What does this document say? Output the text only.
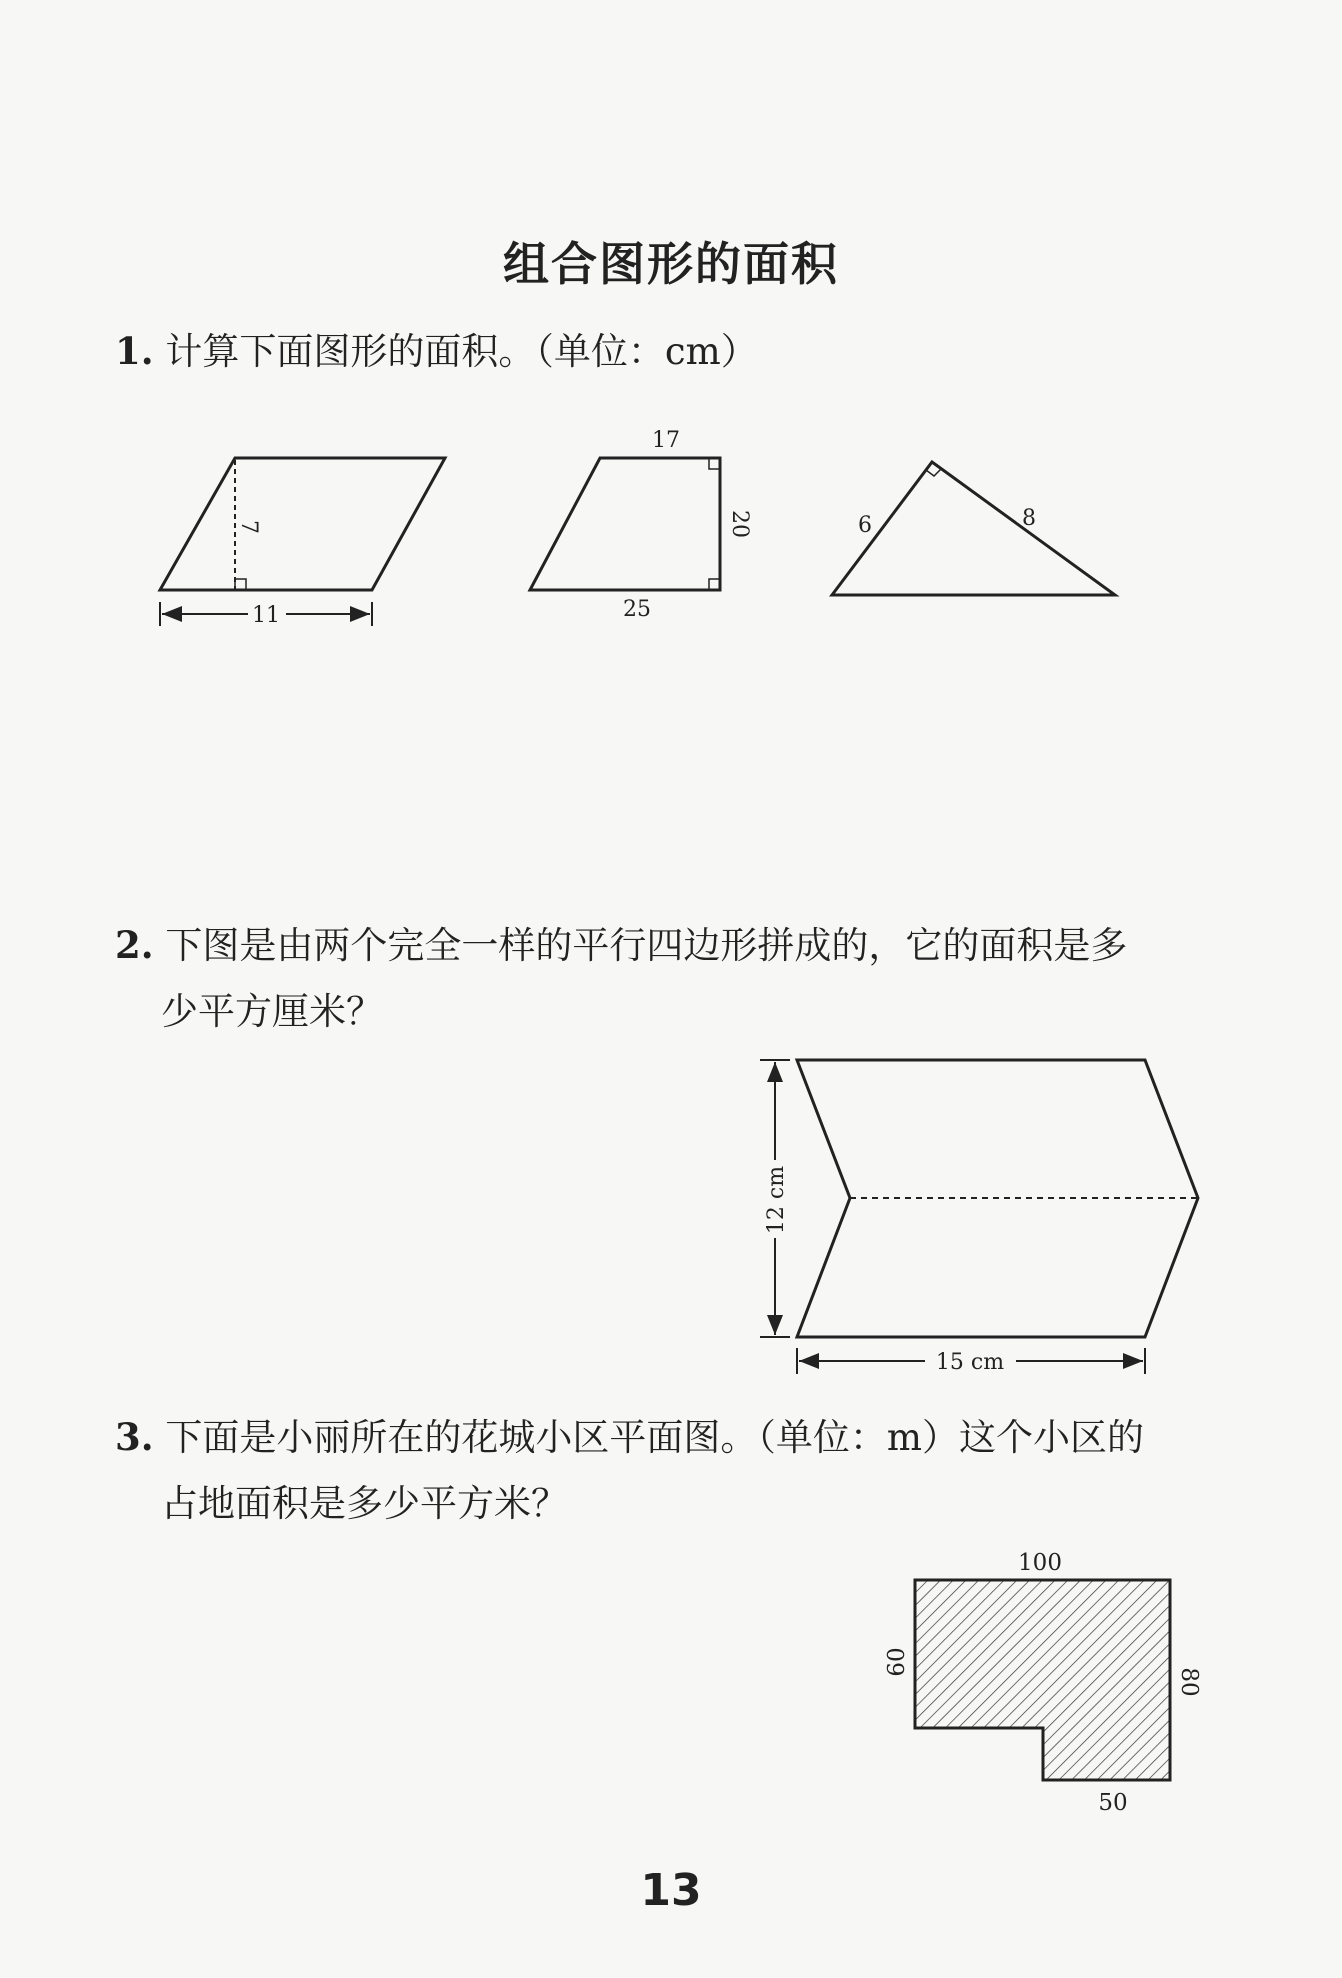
组合图形的面积
1. 计算下面图形的面积。（单位：cm）
7
11
17
25
20	6	8
12 cm
15 cm
100
60
80
50
2. 下图是由两个完全一样的平行四边形拼成的，它的面积是多
少平方厘米？
3. 下面是小丽所在的花城小区平面图。（单位：m）这个小区的
占地面积是多少平方米？
13
